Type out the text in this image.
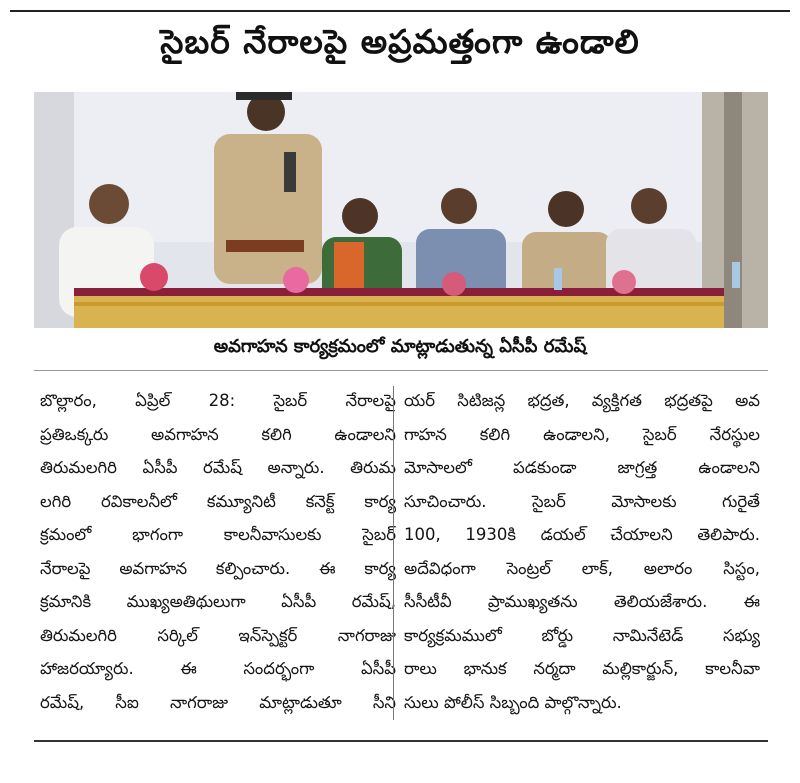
సైబర్ నేరాలపై అప్రమత్తంగా ఉండాలి
అవగాహన కార్యక్రమంలో మాట్లాడుతున్న ఏసీపీ రమేష్
బొల్లారం, ఏప్రిల్ 28: సైబర్ నేరాలపై
ప్రతిఒక్కరు అవగాహన కలిగి ఉండాలని
తిరుమలగిరి ఏసీపీ రమేష్ అన్నారు. తిరుమ
లగిరి రవికాలనీలో కమ్యూనిటీ కనెక్ట్ కార్య
క్రమంలో భాగంగా కాలనీవాసులకు సైబర్
నేరాలపై అవగాహన కల్పించారు. ఈ కార్య
క్రమానికి ముఖ్యఅతిథులుగా ఏసీపీ రమేష్,
తిరుమలగిరి సర్కిల్ ఇన్‌స్పెక్టర్ నాగరాజు
హాజరయ్యారు. ఈ సందర్భంగా ఏసీపీ
రమేష్, సీఐ నాగరాజు మాట్లాడుతూ సీని
యర్ సిటిజన్ల భద్రత, వ్యక్తిగత భద్రతపై అవ
గాహన కలిగి ఉండాలని, సైబర్ నేరస్థుల
మోసాలలో పడకుండా జాగ్రత్త ఉండాలని
సూచించారు. సైబర్ మోసాలకు గురైతే
100, 1930కి డయల్ చేయాలని తెలిపారు.
అదేవిధంగా సెంట్రల్ లాక్, అలారం సిస్టం,
సీసీటీవీ ప్రాముఖ్యతను తెలియజేశారు. ఈ
కార్యక్రమములో బోర్డు నామినేటెడ్ సభ్యు
రాలు భానుక నర్మదా మల్లికార్జున్, కాలనీవా
సులు పోలీస్ సిబ్బంది పాల్గొన్నారు.
